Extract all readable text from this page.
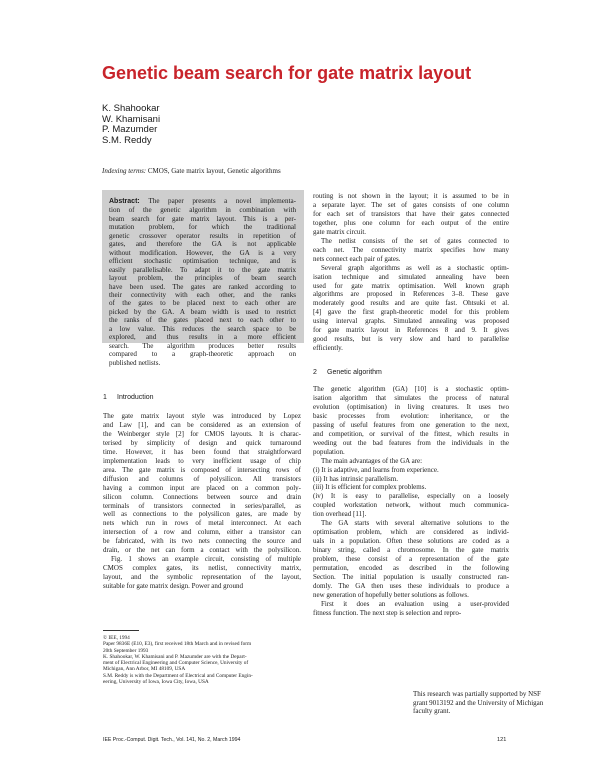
Genetic beam search for gate matrix layout
K. Shahookar
W. Khamisani
P. Mazumder
S.M. Reddy
Indexing terms: CMOS, Gate matrix layout, Genetic algorithms
Abstract: The paper presents a novel implementa-
tion of the genetic algorithm in combination with
beam search for gate matrix layout. This is a per-
mutation problem, for which the traditional
genetic crossover operator results in repetition of
gates, and therefore the GA is not applicable
without modification. However, the GA is a very
efficient stochastic optimisation technique, and is
easily parallelisable. To adapt it to the gate matrix
layout problem, the principles of beam search
have been used. The gates are ranked according to
their connectivity with each other, and the ranks
of the gates to be placed next to each other are
picked by the GA. A beam width is used to restrict
the ranks of the gates placed next to each other to
a low value. This reduces the search space to be
explored, and thus results in a more efficient
search. The algorithm produces better results
compared to a graph-theoretic approach on
published netlists.
1 Introduction
The gate matrix layout style was introduced by Lopez
and Law [1], and can be considered as an extension of
the Weinberger style [2] for CMOS layouts. It is charac-
terised by simplicity of design and quick turnaround
time. However, it has been found that straightforward
implementation leads to very inefficient usage of chip
area. The gate matrix is composed of intersecting rows of
diffusion and columns of polysilicon. All transistors
having a common input are placed on a common poly-
silicon column. Connections between source and drain
terminals of transistors connected in series/parallel, as
well as connections to the polysilicon gates, are made by
nets which run in rows of metal interconnect. At each
intersection of a row and column, either a transistor can
be fabricated, with its two nets connecting the source and
drain, or the net can form a contact with the polysilicon.
Fig. 1 shows an example circuit, consisting of multiple
CMOS complex gates, its netlist, connectivity matrix,
layout, and the symbolic representation of the layout,
suitable for gate matrix design. Power and ground
© IEE, 1994
Paper 9836E (E10, E3), first received 18th March and in revised form
20th September 1993
K. Shahookar, W. Khamisani and P. Mazumder are with the Depart-
ment of Electrical Engineering and Computer Science, University of
Michigan, Ann Arbor, MI 48109, USA
S.M. Reddy is with the Department of Electrical and Computer Engin-
eering, University of Iowa, Iowa City, Iowa, USA
routing is not shown in the layout; it is assumed to be in
a separate layer. The set of gates consists of one column
for each set of transistors that have their gates connected
together, plus one column for each output of the entire
gate matrix circuit.
The netlist consists of the set of gates connected to
each net. The connectivity matrix specifies how many
nets connect each pair of gates.
Several graph algorithms as well as a stochastic optim-
isation technique and simulated annealing have been
used for gate matrix optimisation. Well known graph
algorithms are proposed in References 3–8. These gave
moderately good results and are quite fast. Ohtsuki et al.
[4] gave the first graph-theoretic model for this problem
using interval graphs. Simulated annealing was proposed
for gate matrix layout in References 8 and 9. It gives
good results, but is very slow and hard to parallelise
efficiently.
2 Genetic algorithm
The genetic algorithm (GA) [10] is a stochastic optim-
isation algorithm that simulates the process of natural
evolution (optimisation) in living creatures. It uses two
basic processes from evolution: inheritance, or the
passing of useful features from one generation to the next,
and competition, or survival of the fittest, which results in
weeding out the bad features from the individuals in the
population.
The main advantages of the GA are:
(i) It is adaptive, and learns from experience.
(ii) It has intrinsic parallelism.
(iii) It is efficient for complex problems.
(iv) It is easy to parallelise, especially on a loosely
coupled workstation network, without much communica-
tion overhead [11].
The GA starts with several alternative solutions to the
optimisation problem, which are considered as individ-
uals in a population. Often these solutions are coded as a
binary string, called a chromosome. In the gate matrix
problem, these consist of a representation of the gate
permutation, encoded as described in the following
Section. The initial population is usually constructed ran-
domly. The GA then uses these individuals to produce a
new generation of hopefully better solutions as follows.
First it does an evaluation using a user-provided
fitness function. The next step is selection and repro-
This research was partially supported by NSF
grant 9013192 and the University of Michigan
faculty grant.
IEE Proc.-Comput. Digit. Tech., Vol. 141, No. 2, March 1994	121
